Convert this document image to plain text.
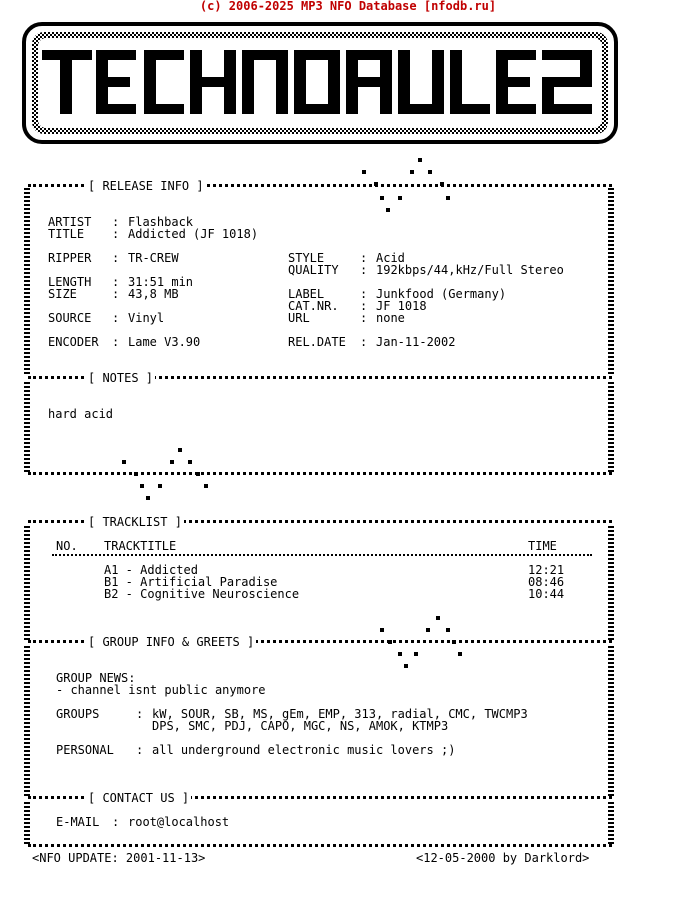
(c) 2006-2025 MP3 NFO Database [nfodb.ru]
[ RELEASE INFO ]
ARTIST : Flashback
TITLE : Addicted (JF 1018)
RIPPER : TR-CREW	STYLE	: Acid
QUALITY : 192kbps/44,kHz/Full Stereo
LENGTH : 31:51 min
SIZE	: 43,8 MB	LABEL	: Junkfood (Germany)
CAT.NR. : JF 1018
SOURCE : Vinyl	URL	: none
ENCODER : Lame V3.90	REL.DATE : Jan-11-2002
[ NOTES ]
hard acid
[ TRACKLIST ]
NO. TRACKTITLE	TIME
A1 - Addicted	12:21
B1 - Artificial Paradise	08:46
B2 - Cognitive Neuroscience	10:44
[ GROUP INFO & GREETS ]
GROUP NEWS:
- channel isnt public anymore
GROUPS	: kW, SOUR, SB, MS, gEm, EMP, 313, radial, CMC, TWCMP3
DPS, SMC, PDJ, CAPO, MGC, NS, AMOK, KTMP3
PERSONAL : all underground electronic music lovers ;)
[ CONTACT US ]
E-MAIL : root@localhost
<NFO UPDATE: 2001-11-13>	<12-05-2000 by Darklord>
